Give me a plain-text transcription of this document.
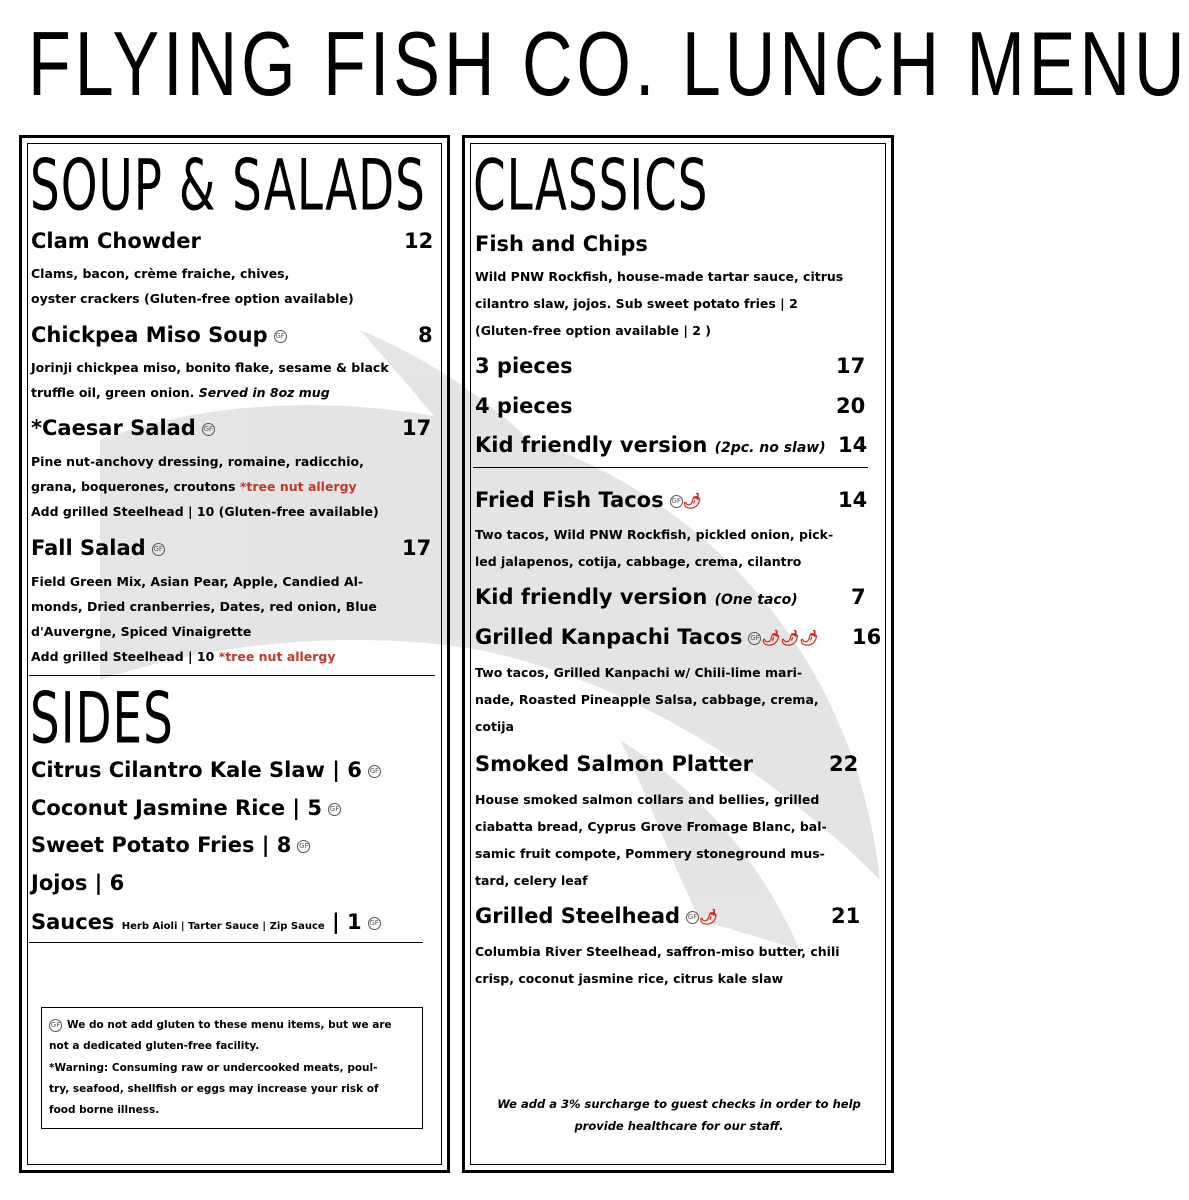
FLYING FISH CO. LUNCH MENU
SOUP & SALADS
Clam Chowder	12
Clams, bacon, crème fraiche, chives,
oyster crackers (Gluten-free option available)
Chickpea Miso Soup GF	8
Jorinji chickpea miso, bonito flake, sesame & black
truffle oil, green onion. Served in 8oz mug
*Caesar Salad GF	17
Pine nut-anchovy dressing, romaine, radicchio,
grana, boquerones, croutons *tree nut allergy
Add grilled Steelhead | 10 (Gluten-free available)
Fall Salad GF	17
Field Green Mix, Asian Pear, Apple, Candied Al-
monds, Dried cranberries, Dates, red onion, Blue
d'Auvergne, Spiced Vinaigrette
Add grilled Steelhead | 10 *tree nut allergy
SIDES
Citrus Cilantro Kale Slaw | 6 GF
Coconut Jasmine Rice | 5 GF
Sweet Potato Fries | 8 GF
Jojos | 6
Sauces Herb Aioli | Tarter Sauce | Zip Sauce | 1 GF
GF We do not add gluten to these menu items, but we are
not a dedicated gluten-free facility.
*Warning: Consuming raw or undercooked meats, poul-
try, seafood, shellfish or eggs may increase your risk of
food borne illness.
CLASSICS
Fish and Chips
Wild PNW Rockfish, house-made tartar sauce, citrus
cilantro slaw, jojos. Sub sweet potato fries | 2
(Gluten-free option available | 2 )
3 pieces	17
4 pieces	20
Kid friendly version (2pc. no slaw) 14
Fried Fish Tacos GF 🌶	14
Two tacos, Wild PNW Rockfish, pickled onion, pick-
led jalapenos, cotija, cabbage, crema, cilantro
Kid friendly version (One taco)	7
Grilled Kanpachi Tacos GF 🌶🌶🌶 16
Two tacos, Grilled Kanpachi w/ Chili-lime mari-
nade, Roasted Pineapple Salsa, cabbage, crema,
cotija
Smoked Salmon Platter	22
House smoked salmon collars and bellies, grilled
ciabatta bread, Cyprus Grove Fromage Blanc, bal-
samic fruit compote, Pommery stoneground mus-
tard, celery leaf
Grilled Steelhead GF 🌶	21
Columbia River Steelhead, saffron-miso butter, chili
crisp, coconut jasmine rice, citrus kale slaw
We add a 3% surcharge to guest checks in order to help
provide healthcare for our staff.
